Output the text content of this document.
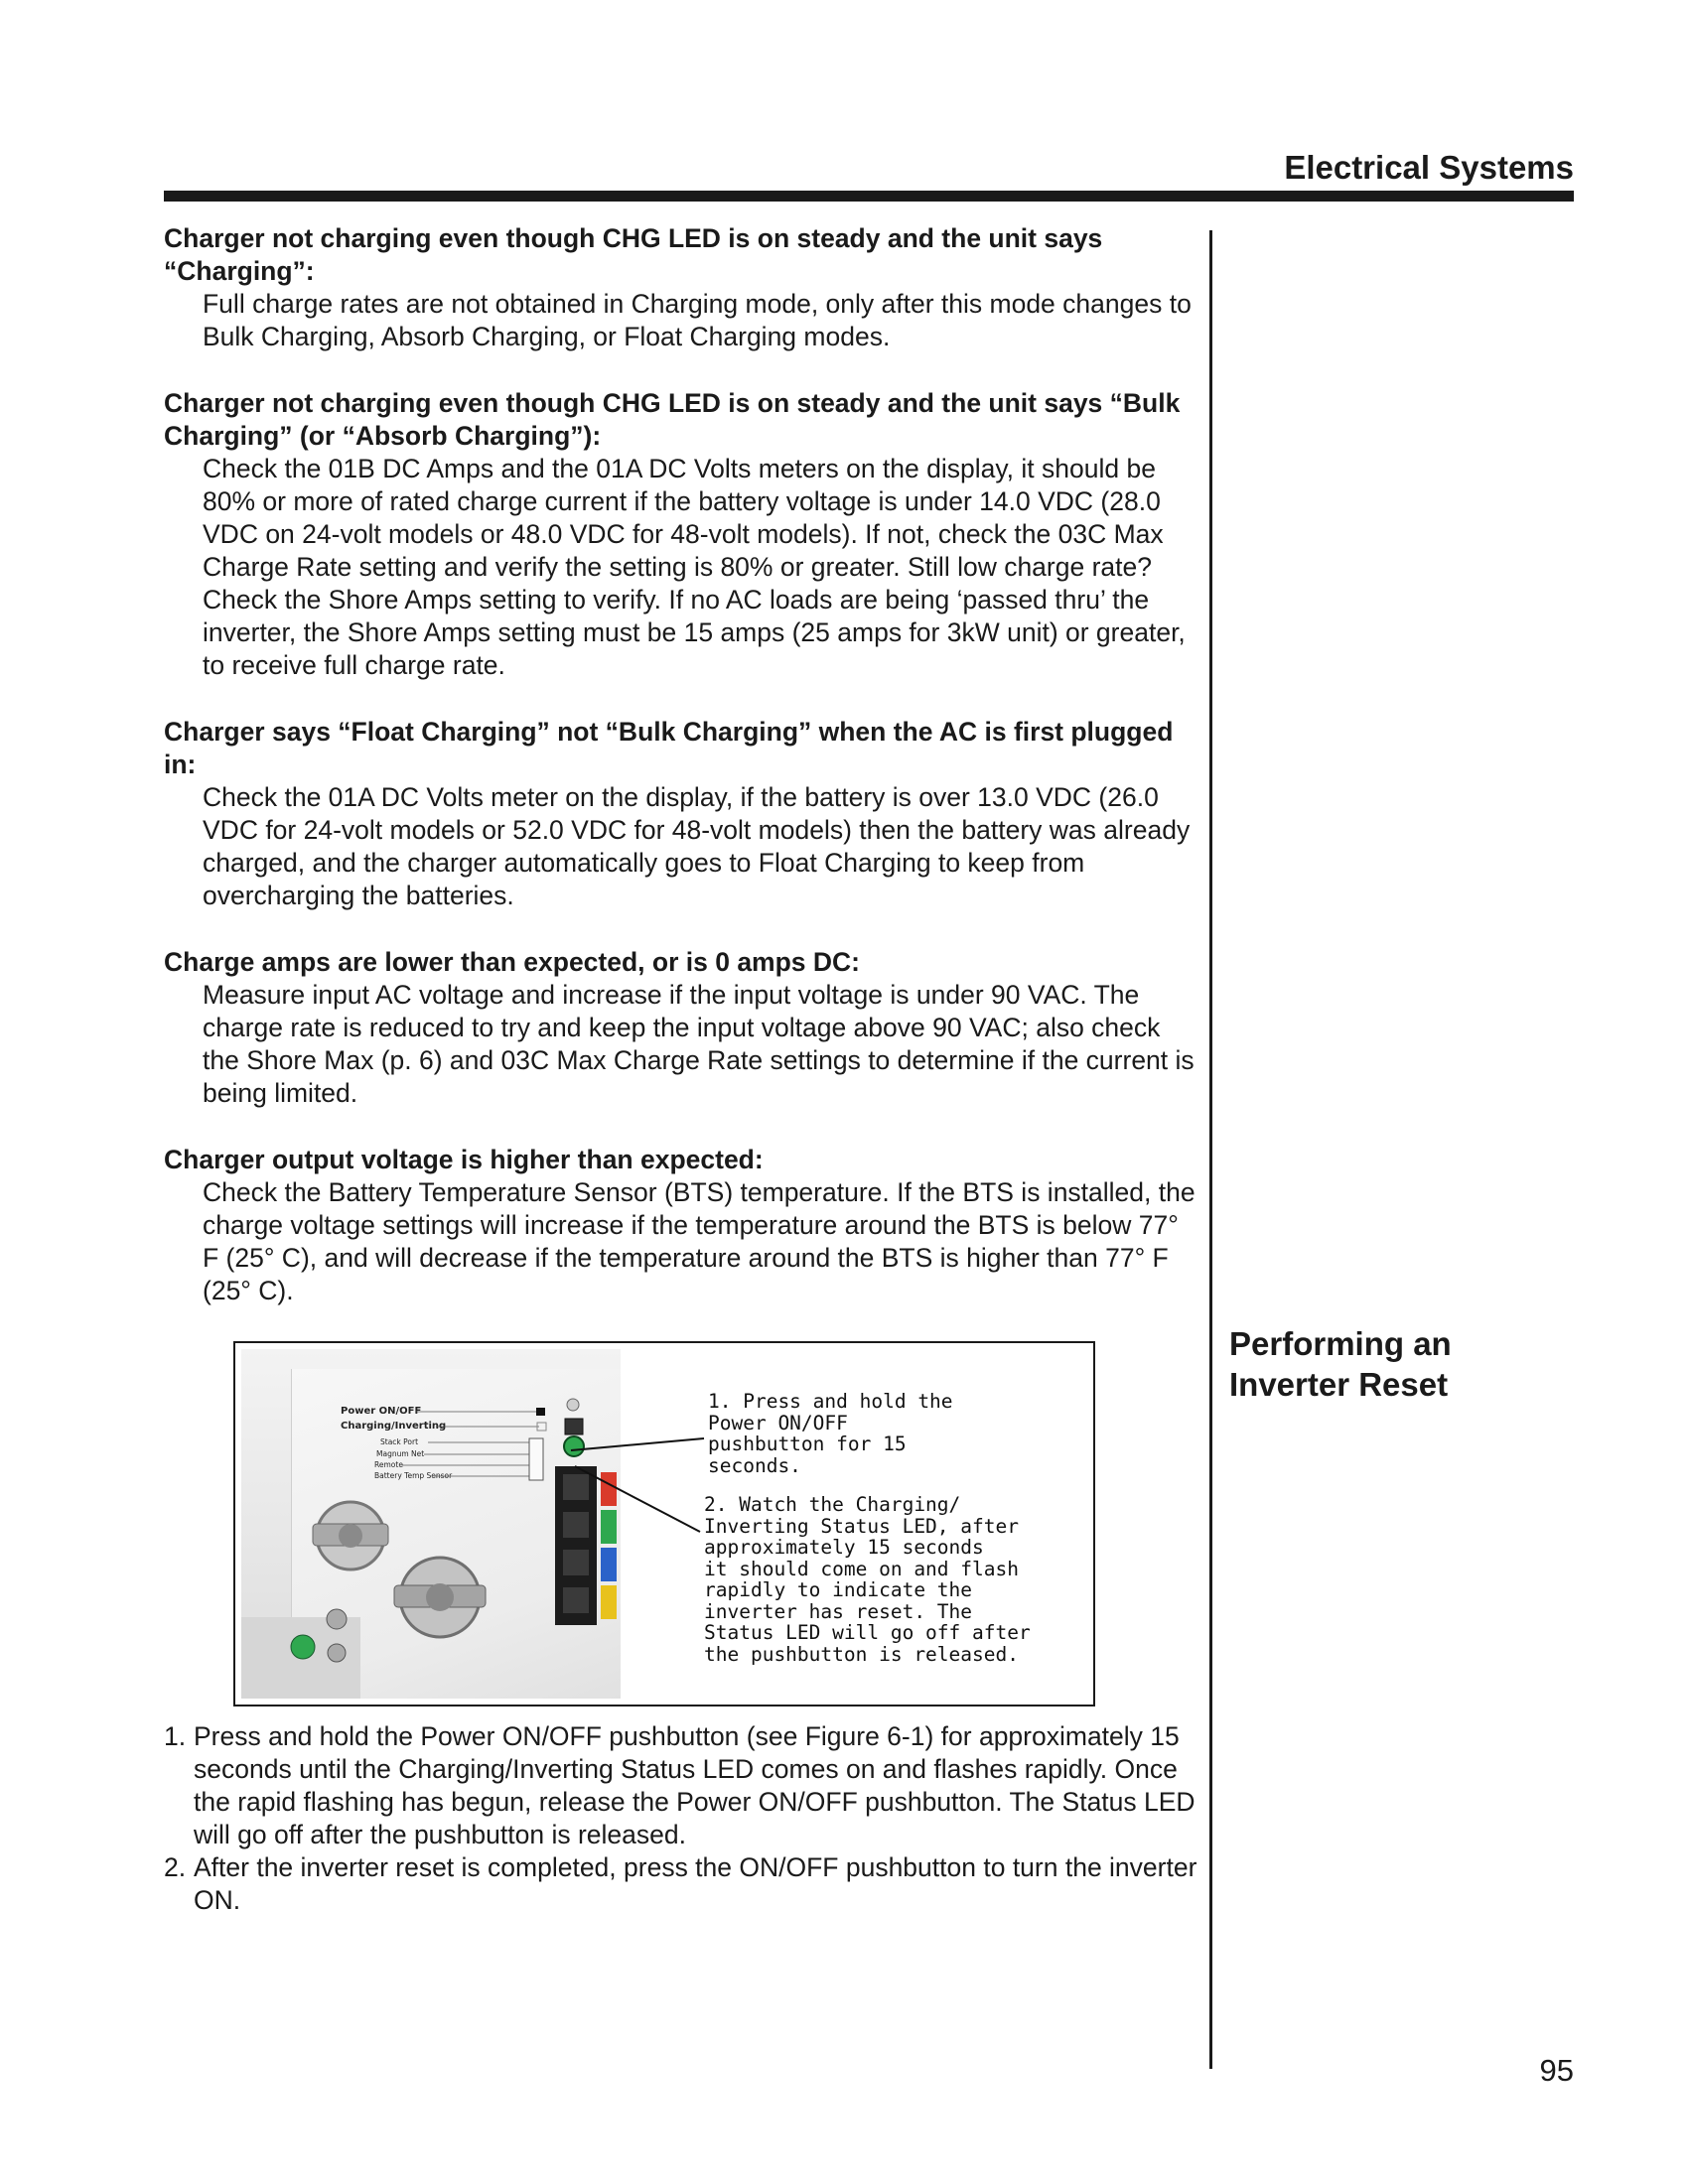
Electrical Systems
Performing an Inverter Reset
Charger not charging even though CHG LED is on steady and the unit says “Charging”:
Full charge rates are not obtained in Charging mode, only after this mode changes to Bulk Charging, Absorb Charging, or Float Charging modes.
Charger not charging even though CHG LED is on steady and the unit says “Bulk Charging” (or “Absorb Charging”):
Check the 01B DC Amps and the 01A DC Volts meters on the display, it should be 80% or more of rated charge current if the battery voltage is under 14.0 VDC (28.0 VDC on 24-volt models or 48.0 VDC for 48-volt models). If not, check the 03C Max Charge Rate setting and verify the setting is 80% or greater. Still low charge rate? Check the Shore Amps setting to verify. If no AC loads are being ‘passed thru’ the inverter, the Shore Amps setting must be 15 amps (25 amps for 3kW unit) or greater, to receive full charge rate.
Charger says “Float Charging” not “Bulk Charging” when the AC is first plugged in:
Check the 01A DC Volts meter on the display, if the battery is over 13.0 VDC (26.0 VDC for 24-volt models or 52.0 VDC for 48-volt models) then the battery was already charged, and the charger automatically goes to Float Charging to keep from overcharging the batteries.
Charge amps are lower than expected, or is 0 amps DC:
Measure input AC voltage and increase if the input voltage is under 90 VAC. The charge rate is reduced to try and keep the input voltage above 90 VAC; also check the Shore Max (p. 6) and 03C Max Charge Rate settings to determine if the current is being limited.
Charger output voltage is higher than expected:
Check the Battery Temperature Sensor (BTS) temperature. If the BTS is installed, the charge voltage settings will increase if the temperature around the BTS is below 77° F (25° C), and will decrease if the temperature around the BTS is higher than 77° F (25° C).
Power ON/OFF
Charging/Inverting
Stack Port
Magnum Net
Remote
Battery Temp Sensor
1. Press and hold the
Power ON/OFF
pushbutton for 15
seconds.
2. Watch the Charging/
Inverting Status LED, after
approximately 15 seconds
it should come on and flash
rapidly to indicate the
inverter has reset. The
Status LED will go off after
the pushbutton is released.
1. Press and hold the Power ON/OFF pushbutton (see Figure 6-1) for approximately 15 seconds until the Charging/Inverting Status LED comes on and flashes rapidly. Once the rapid flashing has begun, release the Power ON/OFF pushbutton. The Status LED will go off after the pushbutton is released.
2. After the inverter reset is completed, press the ON/OFF pushbutton to turn the inverter ON.
95
